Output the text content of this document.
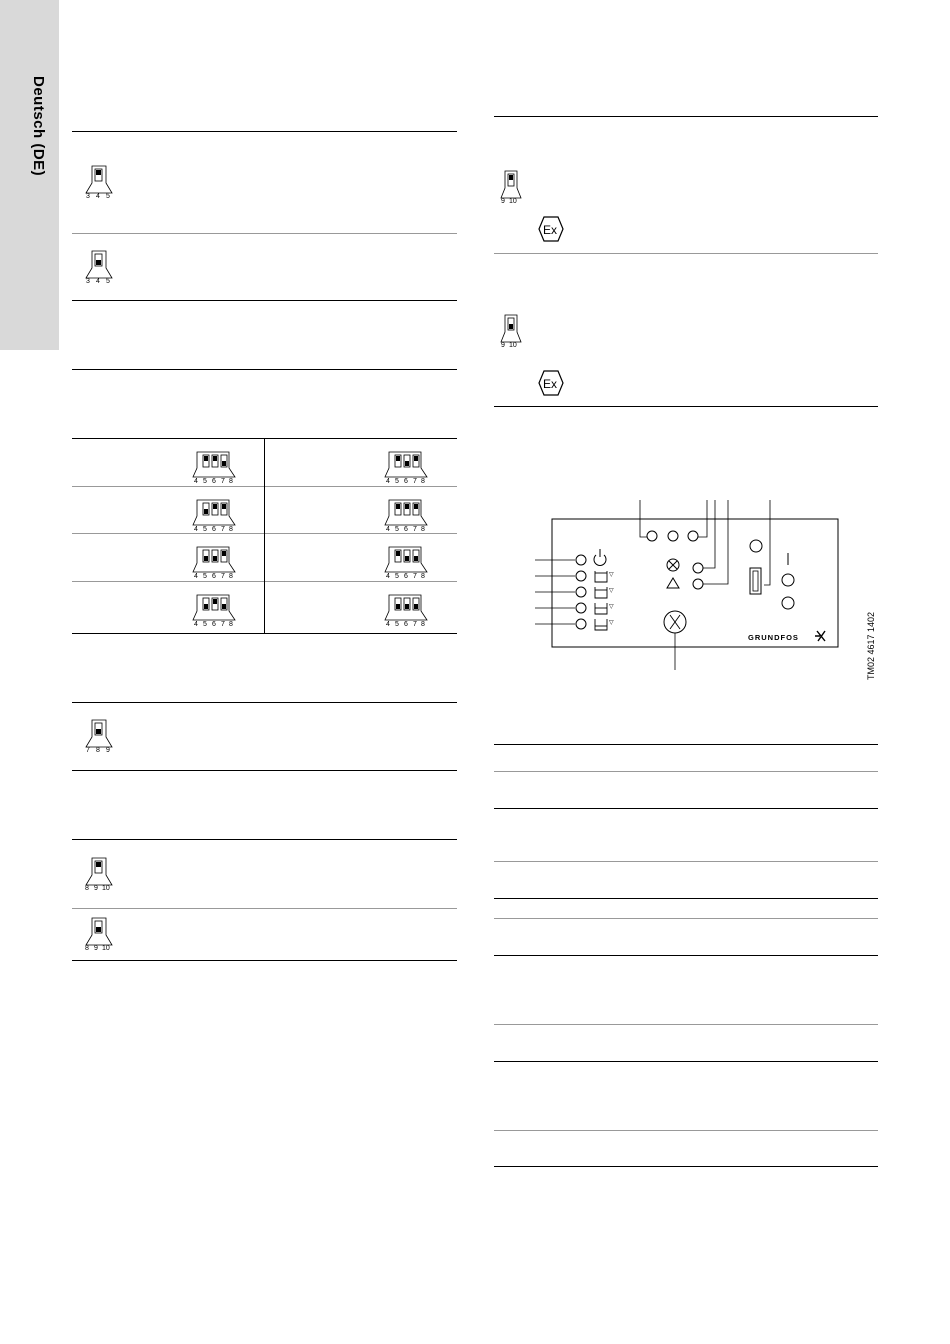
Deutsch (DE)
3 4 5
3 4 5
4 5 6 7 8	4 5 6 7 8
4 5 6 7 8	4 5 6 7 8
4 5 6 7 8	4 5 6 7 8
4 5 6 7 8	4 5 6 7 8
7 8 9
8 9 10
8 9 10
9 10
Ex
9 10
Ex
▽
▽
▽
▽
GRUNDFOS	TM02 4617 1402
